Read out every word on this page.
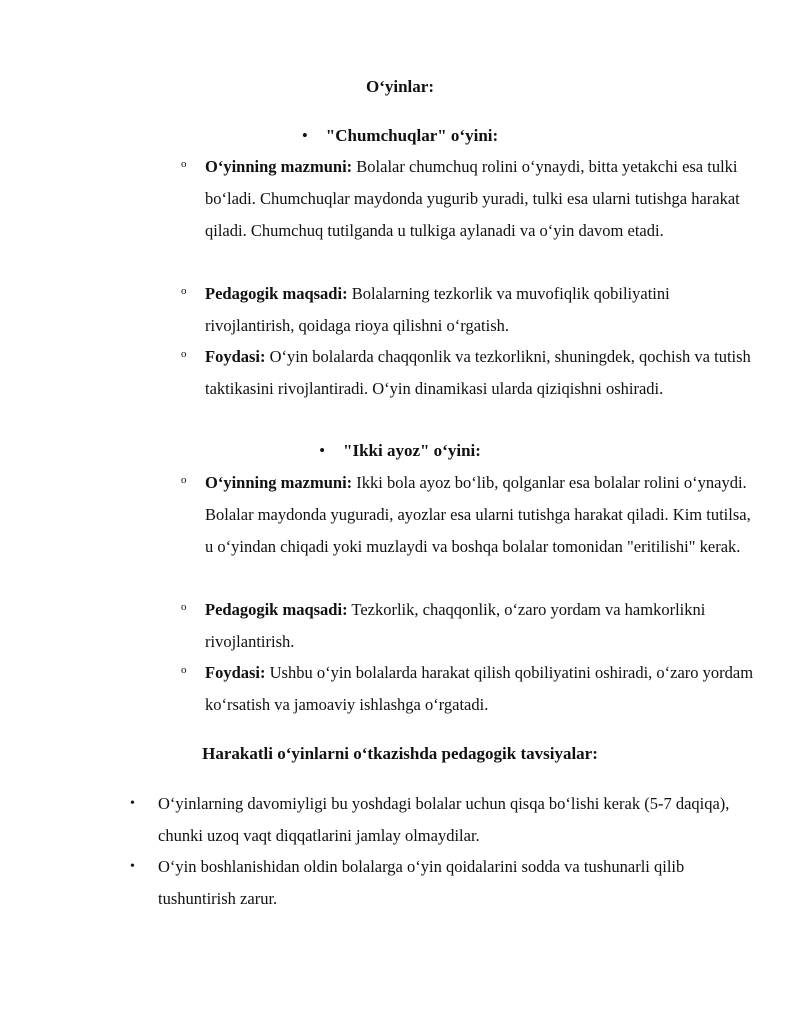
O‘yinlar:
• "Chumchuqlar" o‘yini:
o O‘yinning mazmuni: Bolalar chumchuq rolini o‘ynaydi, bitta yetakchi esa tulki bo‘ladi. Chumchuqlar maydonda yugurib yuradi, tulki esa ularni tutishga harakat qiladi. Chumchuq tutilganda u tulkiga aylanadi va o‘yin davom etadi.
o Pedagogik maqsadi: Bolalarning tezkorlik va muvofiqlik qobiliyatini rivojlantirish, qoidaga rioya qilishni o‘rgatish.
o Foydasi: O‘yin bolalarda chaqqonlik va tezkorlikni, shuningdek, qochish va tutish taktikasini rivojlantiradi. O‘yin dinamikasi ularda qiziqishni oshiradi.
• "Ikki ayoz" o‘yini:
o O‘yinning mazmuni: Ikki bola ayoz bo‘lib, qolganlar esa bolalar rolini o‘ynaydi. Bolalar maydonda yuguradi, ayozlar esa ularni tutishga harakat qiladi. Kim tutilsa, u o‘yindan chiqadi yoki muzlaydi va boshqa bolalar tomonidan "eritilishi" kerak.
o Pedagogik maqsadi: Tezkorlik, chaqqonlik, o‘zaro yordam va hamkorlikni rivojlantirish.
o Foydasi: Ushbu o‘yin bolalarda harakat qilish qobiliyatini oshiradi, o‘zaro yordam ko‘rsatish va jamoaviy ishlashga o‘rgatadi.
Harakatli o‘yinlarni o‘tkazishda pedagogik tavsiyalar:
• O‘yinlarning davomiyligi bu yoshdagi bolalar uchun qisqa bo‘lishi kerak (5-7 daqiqa), chunki uzoq vaqt diqqatlarini jamlay olmaydilar.
• O‘yin boshlanishidan oldin bolalarga o‘yin qoidalarini sodda va tushunarli qilib tushuntirish zarur.
